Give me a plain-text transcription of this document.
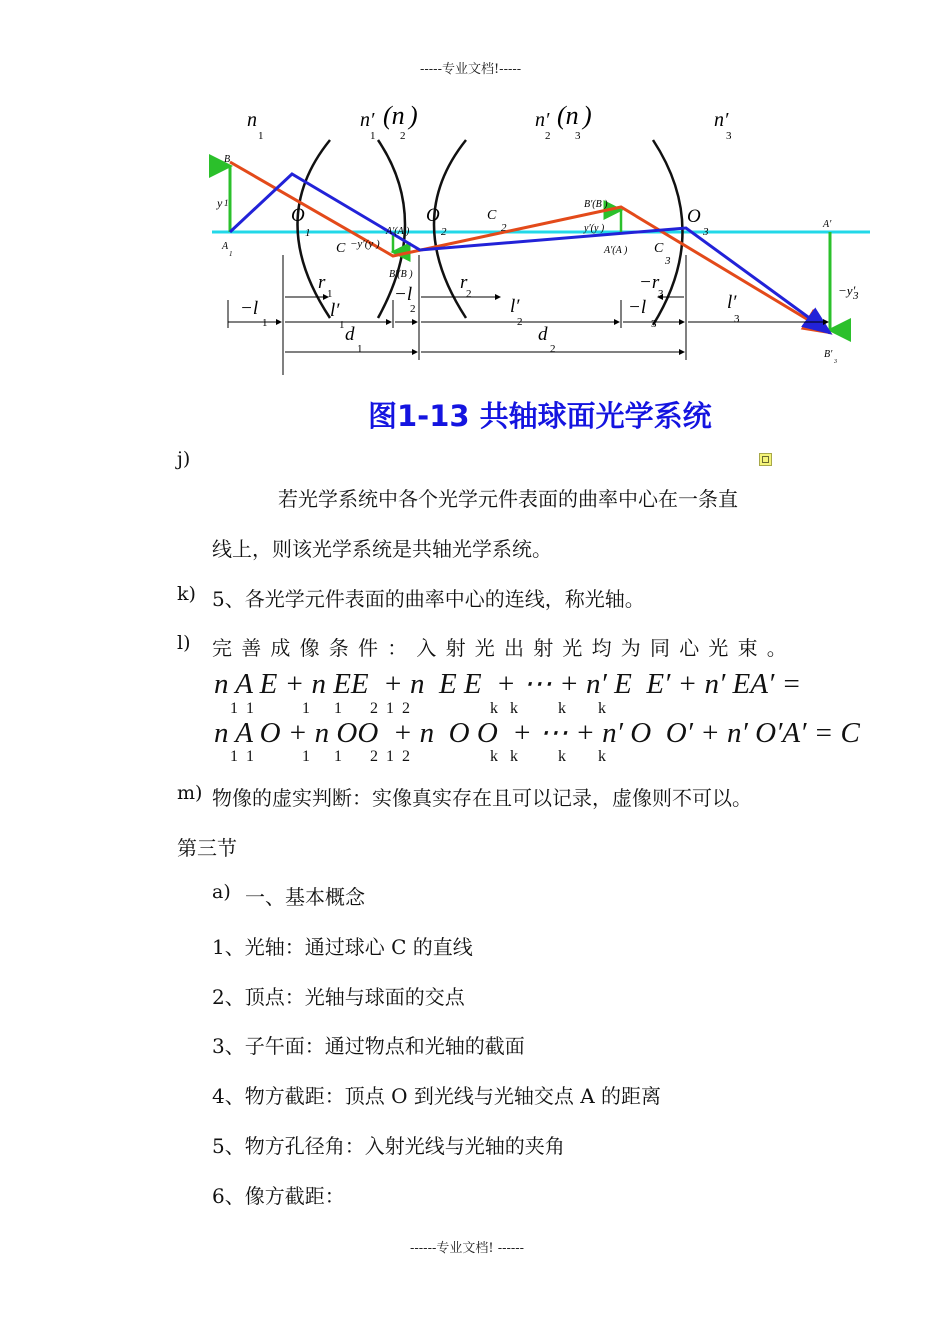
-----专业文档!-----
n	n′ (n )	n′ (n )	n′
1	1 2	2 3	3
B
y 1
A
1
O
1
C −y′(y )
A′(A )
B′(B )
O
2
C
2
B′(B )
y′(y )
A′(A ) C
3
O
3
A′
−y′
3
B′
3
r	r	−r
−l	l′
−l
l′	−l	l′
d	d
1	2	3
1	1
2
2	3	3
1	2
图1-13 共轴球面光学系统
j)
若光学系统中各个光学元件表面的曲率中心在一条直
线上，则该光学系统是共轴光学系统。
k) 5、各光学元件表面的曲率中心的连线，称光轴。
l) 完善成像条件：入射光出射光均为同心光束。
n A E + n EE  + n  E E  + ⋯ + n′ E  E′ + n′ EA′ =
1  1            1      1       2  1  2                    k   k          k        k
n A O + n OO  + n  O O  + ⋯ + n′ O  O′ + n′ O′A′ = C
1  1            1      1       2  1  2                    k   k          k        k
m) 物像的虚实判断：实像真实存在且可以记录，虚像则不可以。
第三节
a) 一、基本概念
1、光轴：通过球心 C 的直线
2、顶点：光轴与球面的交点
3、子午面：通过物点和光轴的截面
4、物方截距：顶点 O 到光线与光轴交点 A 的距离
5、物方孔径角：入射光线与光轴的夹角
6、像方截距：
------专业文档! ------
